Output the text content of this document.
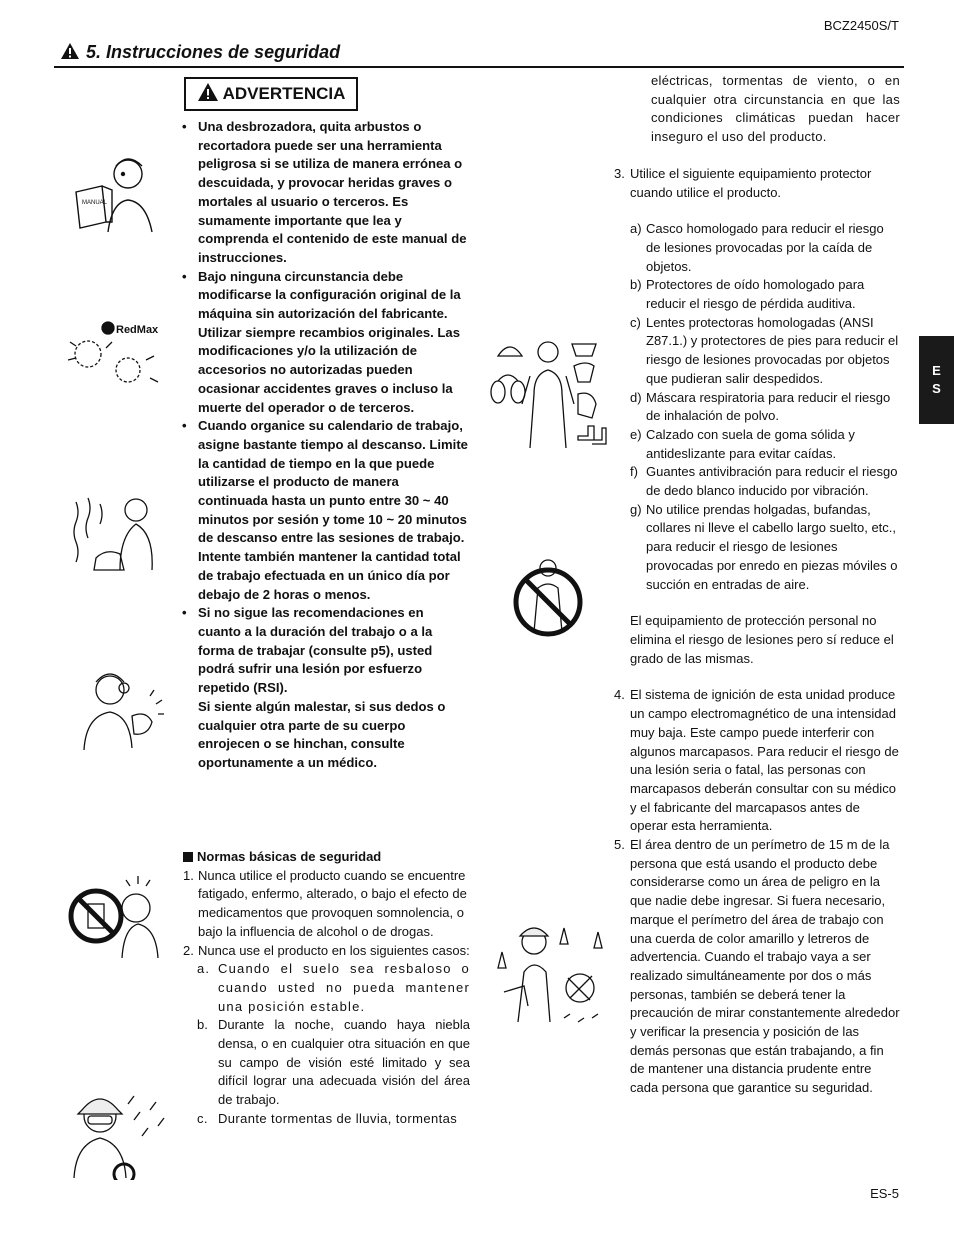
BCZ2450S/T
5. Instrucciones de seguridad
ADVERTENCIA

• Una desbrozadora, quita arbustos o recortadora puede ser una herramienta peligrosa si se utiliza de manera errónea o descuidada, y provocar heridas graves o mortales al usuario o terceros. Es sumamente importante que lea y comprenda el contenido de este manual de instrucciones.

• Bajo ninguna circunstancia debe modificarse la configuración original de la máquina sin autorización del fabricante. Utilizar siempre recambios originales. Las modificaciones y/o la utilización de accesorios no autorizadas pueden ocasionar accidentes graves o incluso la muerte del operador o de terceros.

• Cuando organice su calendario de trabajo, asigne bastante tiempo al descanso. Limite la cantidad de tiempo en la que puede utilizarse el producto de manera continuada hasta un punto entre 30 ~ 40 minutos por sesión y tome 10 ~ 20 minutos de descanso entre las sesiones de trabajo. Intente también mantener la cantidad total de trabajo efectuada en un único día por debajo de 2 horas o menos.

• Si no sigue las recomendaciones en cuanto a la duración del trabajo o a la forma de trabajar (consulte p5), usted podrá sufrir una lesión por esfuerzo repetido (RSI).

Si siente algún malestar, si sus dedos o cualquier otra parte de su cuerpo enrojecen o se hinchan, consulte oportunamente a un médico.

Normas básicas de seguridad
1. Nunca utilice el producto cuando se encuentre fatigado, enfermo, alterado, o bajo el efecto de medicamentos que provoquen somnolencia, o bajo la influencia de alcohol o de drogas.
2. Nunca use el producto en los siguientes casos:
a. Cuando el suelo sea resbaloso o cuando usted no pueda mantener una posición estable.
b. Durante la noche, cuando haya niebla densa, o en cualquier otra situación en que su campo de visión esté limitado y sea difícil lograr una adecuada visión del área de trabajo.
c. Durante tormentas de lluvia, tormentas
eléctricas, tormentas de viento, o en cualquier otra circunstancia en que las condiciones climáticas puedan hacer inseguro el uso del producto.
3. Utilice el siguiente equipamiento protector cuando utilice el producto.
a) Casco homologado para reducir el riesgo de lesiones provocadas por la caída de objetos.
b) Protectores de oído homologado para reducir el riesgo de pérdida auditiva.
c) Lentes protectoras homologadas (ANSI Z87.1.) y protectores de pies para reducir el riesgo de lesiones provocadas por objetos que pudieran salir despedidos.
d) Máscara respiratoria para reducir el riesgo de inhalación de polvo.
e) Calzado con suela de goma sólida y antideslizante para evitar caídas.
f) Guantes antivibración para reducir el riesgo de dedo blanco inducido por vibración.
g) No utilice prendas holgadas, bufandas, collares ni lleve el cabello largo suelto, etc., para reducir el riesgo de lesiones provocadas por enredo en piezas móviles o succión en entradas de aire.
El equipamiento de protección personal no elimina el riesgo de lesiones pero sí reduce el grado de las mismas.
4. El sistema de ignición de esta unidad produce un campo electromagnético de una intensidad muy baja. Este campo puede interferir con algunos marcapasos. Para reducir el riesgo de una lesión seria o fatal, las personas con marcapasos deberán consultar con su médico y el fabricante del marcapasos antes de operar esta herramienta.
5. El área dentro de un perímetro de 15 m de la persona que está usando el producto debe considerarse como un área de peligro en la que nadie debe ingresar. Si fuera necesario, marque el perímetro del área de trabajo con una cuerda de color amarillo y letreros de advertencia. Cuando el trabajo vaya a ser realizado simultáneamente por dos o más personas, también se deberá tener la precaución de mirar constantemente alrededor y verificar la presencia y posición de las demás personas que están trabajando, a fin de mantener una distancia prudente entre cada persona que garantice su seguridad.
E
S
ES-5
MANUAL
RedMax
